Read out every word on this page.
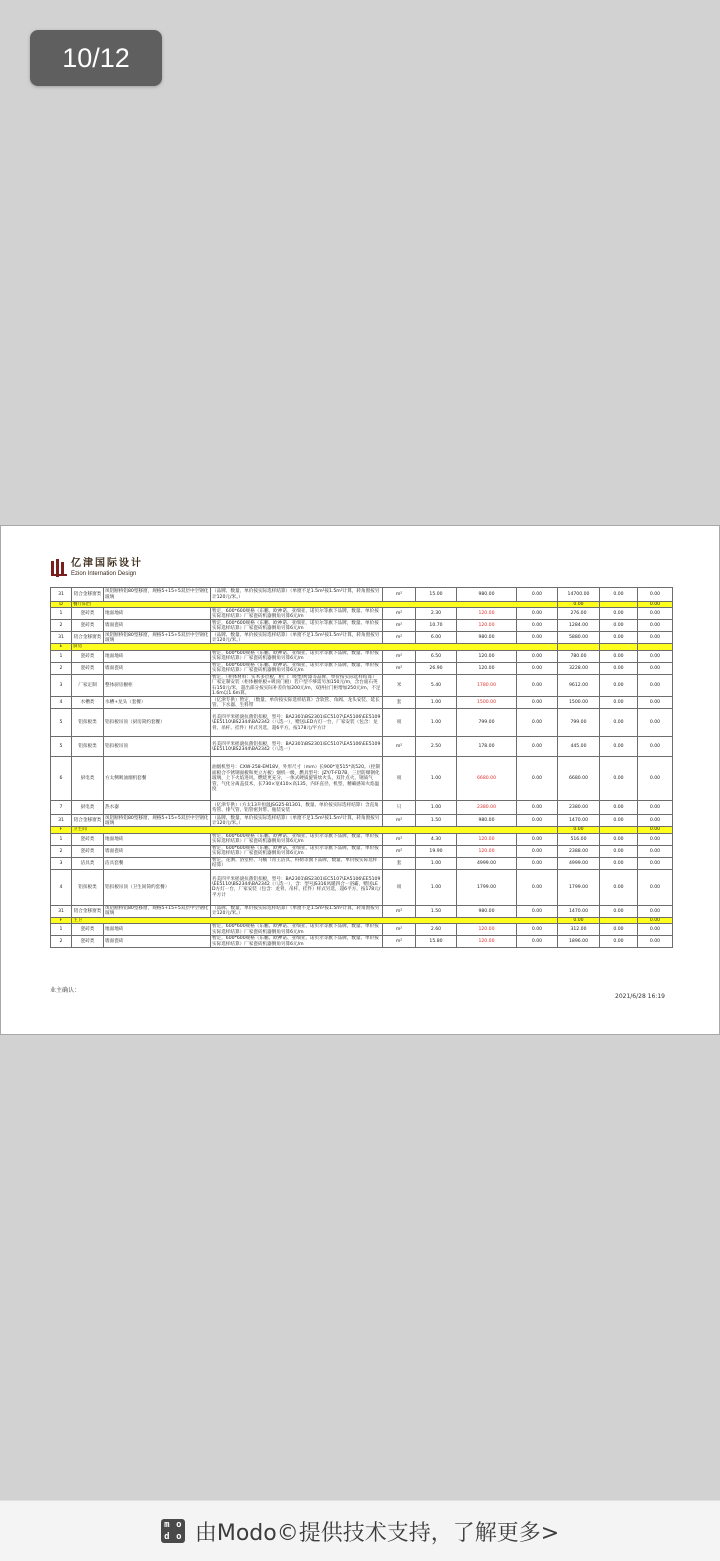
10/12
亿津国际设计
Ezion Internation Design
31	铝合金移窗类	凤铝断桥铝80型移窗，规格5+15+5双层中空钢化玻璃	（品牌、数量、单价按实际选样结算）（单窗不足1.5m²按1.5m²计算，转角窗按另计120元/米。）	m²	15.00	980.00	0.00	14700.00	0.00	0.00
D	餐厅阳台							0.00		0.00
1	瓷砖类	地面地砖	暂定，600*600规格（东鹏、欧神诺、亚细亚、诺贝尔等旗下品牌，数量、单价按实际选样结算）厂家瓷砖机器倒角另算6元/m	m²	2.30	120.00	0.00	276.00	0.00	0.00
2	瓷砖类	墙面瓷砖	暂定，600*600规格（东鹏、欧神诺、亚细亚、诺贝尔等旗下品牌，数量、单价按实际选样结算）厂家瓷砖机器倒角另算6元/m	m²	10.70	120.00	0.00	1284.00	0.00	0.00
31	铝合金移窗类	凤铝断桥铝80型移窗，规格5+15+5双层中空钢化玻璃	（品牌、数量、单价按实际选样结算）（单窗不足1.5m²按1.5m²计算，转角窗按另计120元/米。）	m²	6.00	980.00	0.00	5880.00	0.00	0.00
E	厨房									
1	瓷砖类	地面地砖	暂定，600*600规格（东鹏、欧神诺、亚细亚、诺贝尔等旗下品牌，数量、单价按实际选样结算）厂家瓷砖机器倒角另算6元/m	m²	6.50	120.00	0.00	780.00	0.00	0.00
2	瓷砖类	墙面瓷砖	暂定，600*600规格（东鹏、欧神诺、亚细亚、诺贝尔等旗下品牌，数量、单价按实际选样结算）厂家瓷砖机器倒角另算6元/m	m²	26.90	120.00	0.00	3228.00	0.00	0.00
3	厂家定制	整体厨房橱柜	暂定，（柜体材料：实木多层板，柜门：吸塑/烤漆等品牌，单价按实际选样结算）厂家定制安装（柜体橱柜板+吸顶门板）若户型不够需另加150元/m，含台面石英石150元/米，超出部分按实际补差价加200元/m，双拼拉门柜增加250元/m，不足1.6m以1.6m算。	米	5.40	1780.00	0.00	9612.00	0.00	0.00
4	水槽类	水槽+龙头（套餐）	（亿津专供）暂定，（数量、单价按实际选样结算）含软管、角阀、龙头安装、延长管、下水器、生料带	套	1.00	1500.00	0.00	1500.00	0.00	0.00
5	铝扣板类	铝扣板吊顶（厨房简约套餐）	名美四平米摇滚抗菌铝扣板，型号：BA2301\BS2301\EC5107\EA5106\EE5109\EE5110\BS2344\BA2342（八选一），赠送LED方灯一台，厂家安装（包含：龙骨、吊杆、挂件）样式另选，超6平方，按178元/平方计	项	1.00	799.00	0.00	799.00	0.00	0.00
5	铝扣板类	铝扣板吊顶	名美四平米摇滚抗菌铝扣板，型号：BA2301\BS2301\EC5107\EA5106\EE5109\EE5110\BS2344\BA2342（八选一）	m²	2.50	178.00	0.00	445.00	0.00	0.00
6	厨电类	方太侧吸油烟机套餐	油烟机型号：CXW-258-EM18V，外形尺寸（mm）长900*宽515*高520。（控制面板合不锈钢面板和更立方板）烟机一级，燃具型号：JZY/T-FD7B，三层防爆钢化玻璃，上下火焰进风，燃烧更充分，一体式硬质旋钮炊火头，双针点火，钢质气管，气化分离盖技术，长730×宽410×高135，内环直径，机型，精确感知火焰温度	项	1.00	6680.00	0.00	6680.00	0.00	0.00
7	厨电类	热水器	（亿津专供）（方太13升恒温JSG25-B1301，数量、单价按实际选样结算）含直角弯管、排气管、铝管密封带、瓶装安装	只	1.00	2380.00	0.00	2380.00	0.00	0.00
31	铝合金移窗类	凤铝断桥铝80型移窗，规格5+15+5双层中空钢化玻璃	（品牌、数量、单价按实际选样结算）（单窗不足1.5m²按1.5m²计算，转角窗按另计120元/米。）	m²	1.50	980.00	0.00	1470.00	0.00	0.00
F	卫生间							0.00		0.00
1	瓷砖类	地面地砖	暂定，600*600规格（东鹏、欧神诺、亚细亚、诺贝尔等旗下品牌，数量、单价按实际选样结算）厂家瓷砖机器倒角另算6元/m	m²	4.30	120.00	0.00	516.00	0.00	0.00
2	瓷砖类	墙面瓷砖	暂定，600*600规格（东鹏、欧神诺、亚细亚、诺贝尔等旗下品牌，数量、单价按实际选样结算）厂家瓷砖机器倒角另算6元/m	m²	19.90	120.00	0.00	2388.00	0.00	0.00
3	洁具类	洁具套餐	暂定，花洒、浴室柜、马桶（帝王洁具、科勒等旗下品牌，数量、单价按实际选样结算）	套	1.00	4999.00	0.00	4999.00	0.00	0.00
4	铝扣板类	铝扣板吊顶（卫生间简约套餐）	名美四平米摇滚抗菌铝扣板，型号：BA2301\BS2301\EC5107\EA5106\EE5109\EE5110\BS2344\BA2342（八选一），含：型号JS316风暖四合一浴霸，赠送LED方灯一台，厂家安装（包含：龙骨、吊杆、挂件）样式另选，超6平方，按178元/平方计	项	1.00	1799.00	0.00	1799.00	0.00	0.00
31	铝合金移窗类	凤铝断桥铝80型移窗，规格5+15+5双层中空钢化玻璃	（品牌、数量、单价按实际选样结算）（单窗不足1.5m²按1.5m²计算，转角窗按另计120元/米。）	m²	1.50	980.00	0.00	1470.00	0.00	0.00
F	主卫							0.00		0.00
1	瓷砖类	地面地砖	暂定，600*600规格（东鹏、欧神诺、亚细亚、诺贝尔等旗下品牌，数量、单价按实际选样结算）厂家瓷砖机器倒角另算6元/m	m²	2.60	120.00	0.00	312.00	0.00	0.00
2	瓷砖类	墙面瓷砖	暂定，600*600规格（东鹏、欧神诺、亚细亚、诺贝尔等旗下品牌，数量、单价按实际选样结算）厂家瓷砖机器倒角另算6元/m	m²	15.80	120.00	0.00	1896.00	0.00	0.00
业主确认：
2021/6/28 16:19
m o
d o 由Modo©提供技术支持，了解更多>
